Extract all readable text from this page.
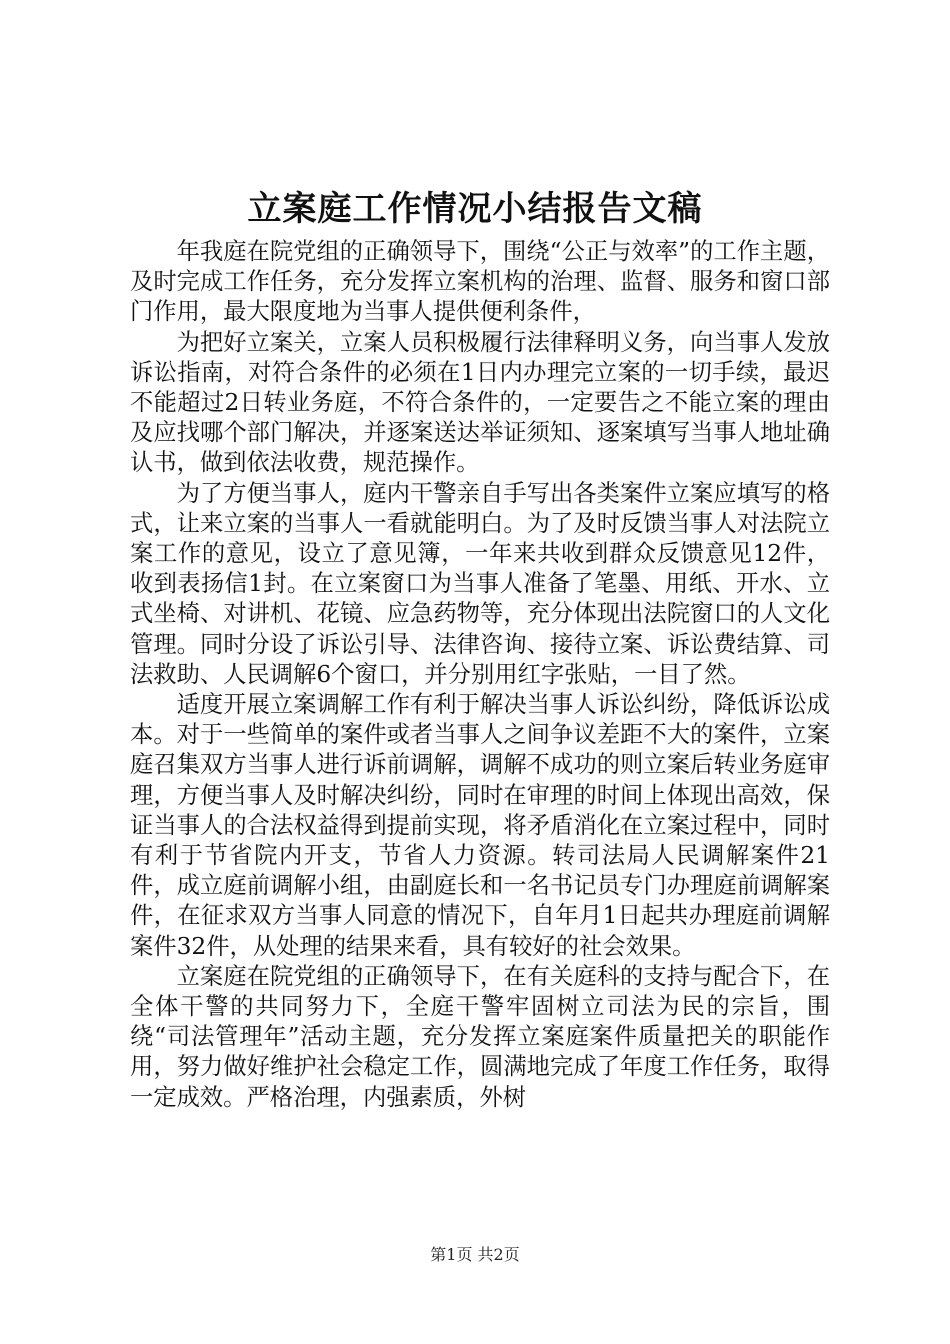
立案庭工作情况小结报告文稿

年我庭在院党组的正确领导下，围绕“公正与效率”的工作主题，及时完成工作任务，充分发挥立案机构的治理、监督、服务和窗口部门作用，最大限度地为当事人提供便利条件，

为把好立案关，立案人员积极履行法律释明义务，向当事人发放诉讼指南，对符合条件的必须在1日内办理完立案的一切手续，最迟不能超过2日转业务庭，不符合条件的，一定要告之不能立案的理由及应找哪个部门解决，并逐案送达举证须知、逐案填写当事人地址确认书，做到依法收费，规范操作。

为了方便当事人，庭内干警亲自手写出各类案件立案应填写的格式，让来立案的当事人一看就能明白。为了及时反馈当事人对法院立案工作的意见，设立了意见簿，一年来共收到群众反馈意见12件，收到表扬信1封。在立案窗口为当事人准备了笔墨、用纸、开水、立式坐椅、对讲机、花镜、应急药物等，充分体现出法院窗口的人文化管理。同时分设了诉讼引导、法律咨询、接待立案、诉讼费结算、司法救助、人民调解6个窗口，并分别用红字张贴，一目了然。

适度开展立案调解工作有利于解决当事人诉讼纠纷，降低诉讼成本。对于一些简单的案件或者当事人之间争议差距不大的案件，立案庭召集双方当事人进行诉前调解，调解不成功的则立案后转业务庭审理，方便当事人及时解决纠纷，同时在审理的时间上体现出高效，保证当事人的合法权益得到提前实现，将矛盾消化在立案过程中，同时有利于节省院内开支，节省人力资源。转司法局人民调解案件21件，成立庭前调解小组，由副庭长和一名书记员专门办理庭前调解案件，在征求双方当事人同意的情况下，自年月1日起共办理庭前调解案件32件，从处理的结果来看，具有较好的社会效果。

立案庭在院党组的正确领导下，在有关庭科的支持与配合下，在全体干警的共同努力下，全庭干警牢固树立司法为民的宗旨，围绕“司法管理年”活动主题，充分发挥立案庭案件质量把关的职能作用，努力做好维护社会稳定工作，圆满地完成了年度工作任务，取得一定成效。严格治理，内强素质，外树

第1页 共2页
